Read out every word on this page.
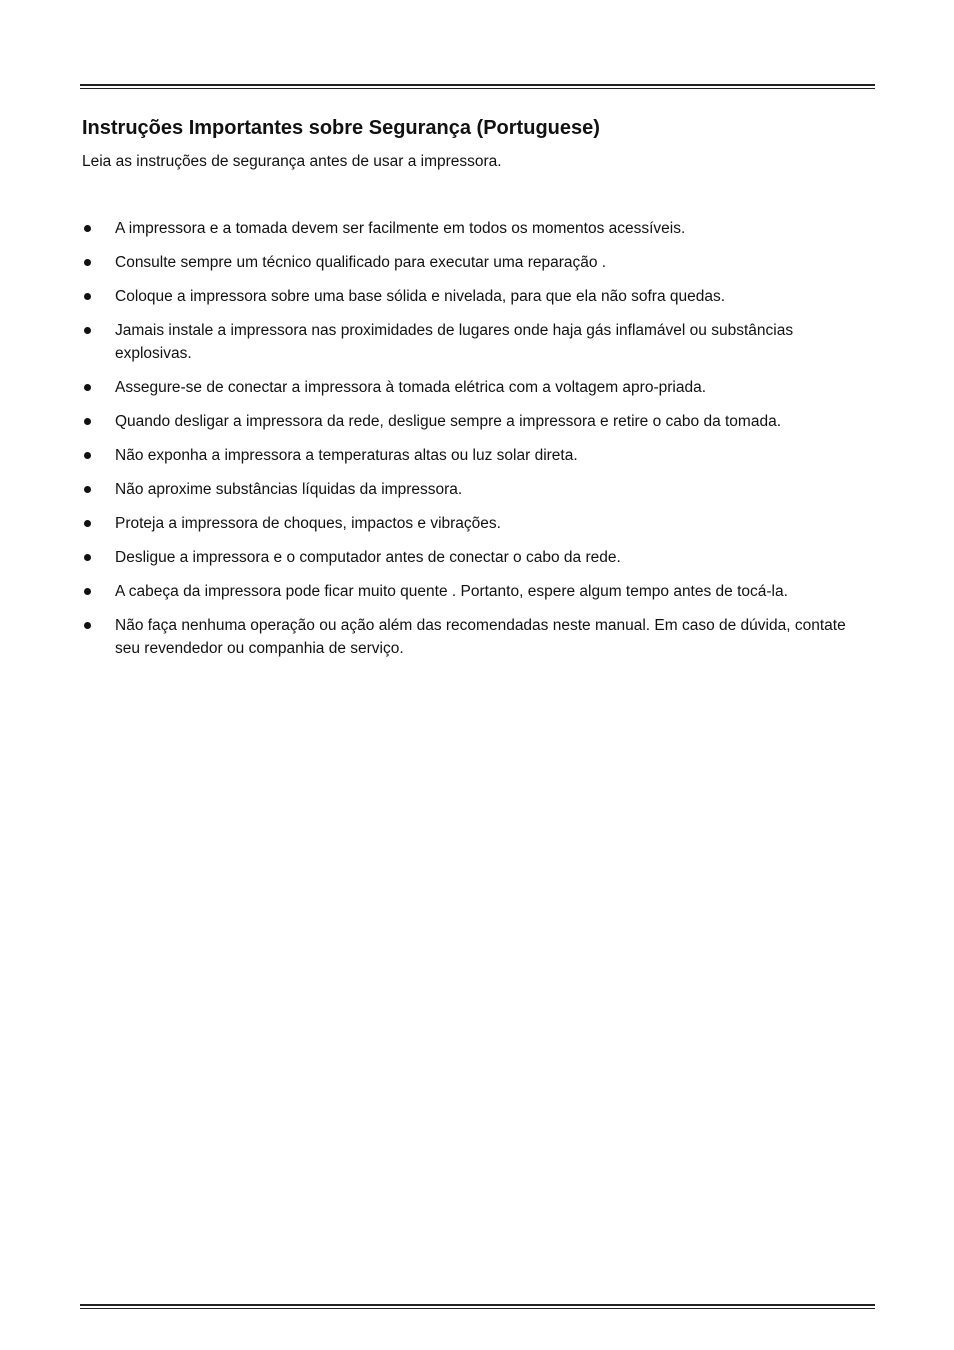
Instruções Importantes sobre Segurança (Portuguese)

Leia as instruções de segurança antes de usar a impressora.

A impressora e a tomada devem ser facilmente em todos os momentos acessíveis.
Consulte sempre um técnico qualificado para executar uma reparação .
Coloque a impressora sobre uma base sólida e nivelada, para que ela não sofra quedas.
Jamais instale a impressora nas proximidades de lugares onde haja gás inflamável ou substâncias explosivas.
Assegure-se de conectar a impressora à tomada elétrica com a voltagem apro-priada.
Quando desligar a impressora da rede, desligue sempre a impressora e retire o cabo da tomada.
Não exponha a impressora a temperaturas altas ou luz solar direta.
Não aproxime substâncias líquidas da impressora.
Proteja a impressora de choques, impactos e vibrações.
Desligue a impressora e o computador antes de conectar o cabo da rede.
A cabeça da impressora pode ficar muito quente . Portanto, espere algum tempo antes de tocá-la.
Não faça nenhuma operação ou ação além das recomendadas neste manual. Em caso de dúvida, contate seu revendedor ou companhia de serviço.
